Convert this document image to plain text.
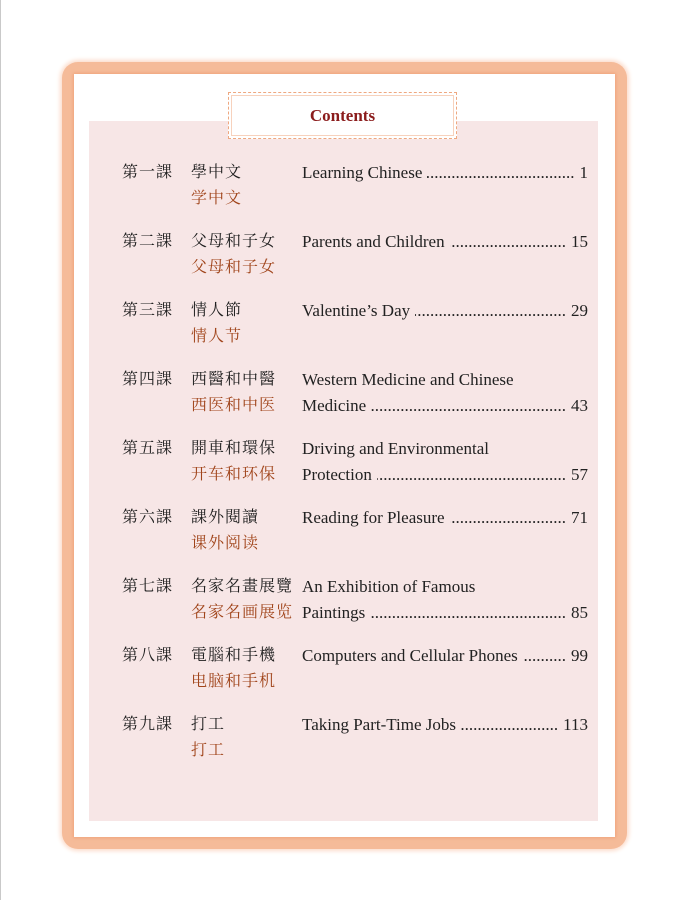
Contents
第一課	學中文
学中文
Learning Chinese .....	1
第二課	父母和子女
父母和子女
Parents and Children .....	15
第三課	情人節
情人节
Valentine’s Day .....	29
第四課	西醫和中醫
西医和中医
Western Medicine and Chinese
Medicine .....	43
第五課	開車和環保
开车和环保
Driving and Environmental
Protection .....	57
第六課	課外閱讀
课外阅读
Reading for Pleasure .....	71
第七課	名家名畫展覽
名家名画展览
An Exhibition of Famous
Paintings .....	85
第八課	電腦和手機
电脑和手机
Computers and Cellular Phones .....	99
第九課	打工
打工
Taking Part-Time Jobs .....	113
